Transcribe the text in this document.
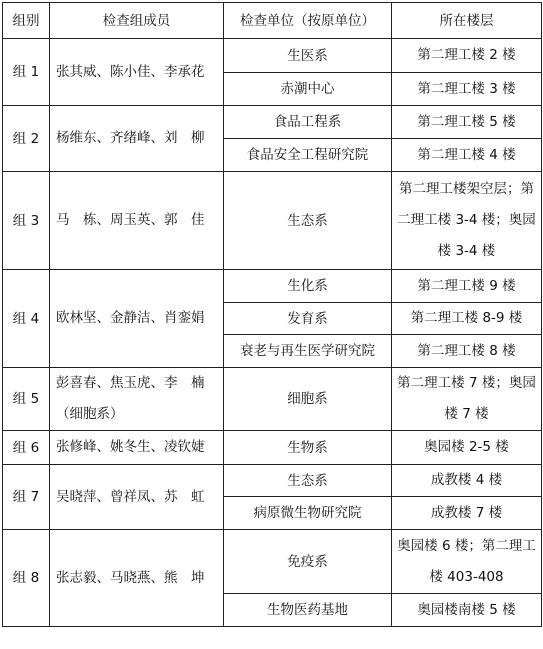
组别	检查组成员	检查单位（按原单位）	所在楼层
组 1	张其威、陈小佳、李承花	生医系	第二理工楼 2 楼
		赤潮中心	第二理工楼 3 楼
组 2	杨维东、齐绪峰、刘　柳	食品工程系	第二理工楼 5 楼
		食品安全工程研究院	第二理工楼 4 楼
组 3	马　栋、周玉英、郭　佳	生态系	第二理工楼架空层；第二理工楼 3-4 楼；奥园楼 3-4 楼
组 4	欧林坚、金静洁、肖銮娟	生化系	第二理工楼 9 楼
		发育系	第二理工楼 8-9 楼
		衰老与再生医学研究院	第二理工楼 8 楼
组 5	彭喜春、焦玉虎、李　楠（细胞系）	细胞系	第二理工楼 7 楼；奥园楼 7 楼
组 6	张修峰、姚冬生、凌钦婕	生物系	奥园楼 2-5 楼
组 7	吴晓萍、曾祥凤、苏　虹	生态系	成教楼 4 楼
		病原微生物研究院	成教楼 7 楼
组 8	张志毅、马晓燕、熊　坤	免疫系	奥园楼 6 楼；第二理工楼 403-408
		生物医药基地	奥园楼南楼 5 楼
